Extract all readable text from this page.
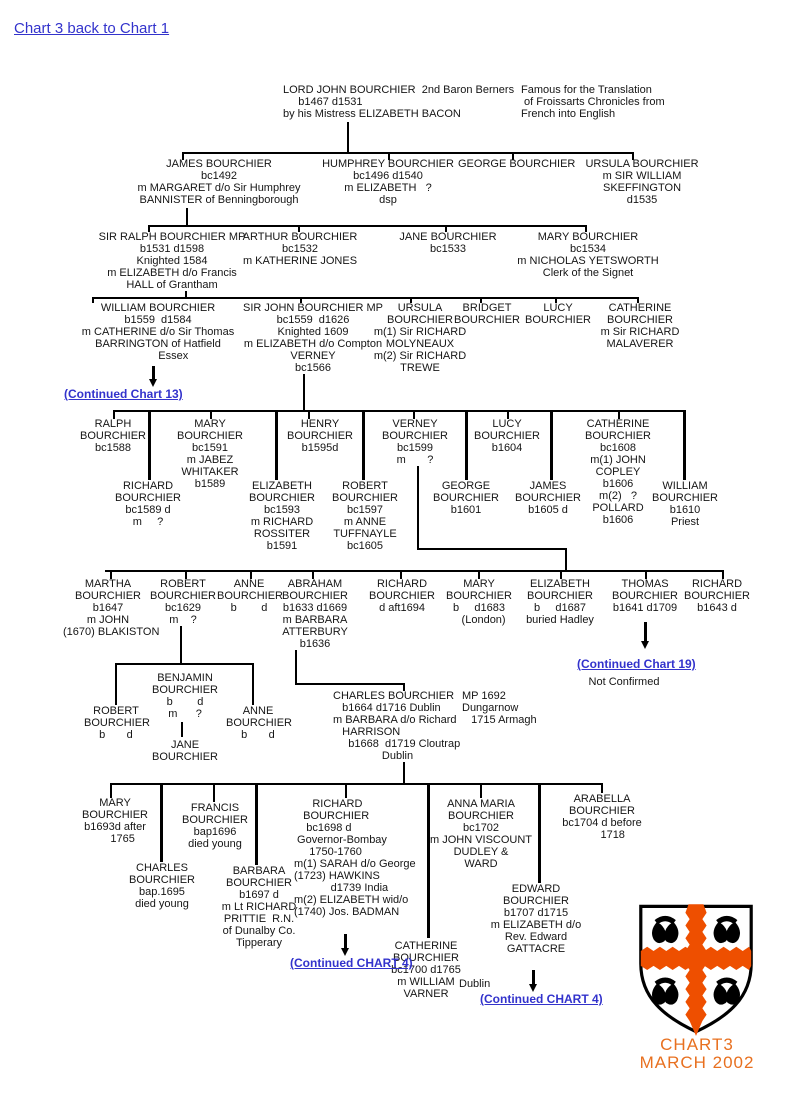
Chart 3 back to Chart 1
LORD JOHN BOURCHIER  2nd Baron Berners
b1467 d1531
by his Mistress ELIZABETH BACON
Famous for the Translation
of Froissarts Chronicles from
French into English
JAMES BOURCHIER
bc1492
m MARGARET d/o Sir Humphrey
BANNISTER of Benningborough
HUMPHREY BOURCHIER
bc1496 d1540
m ELIZABETH   ?
dsp
GEORGE BOURCHIER URSULA BOURCHIER
m SIR WILLIAM
SKEFFINGTON
d1535
SIR RALPH BOURCHIER MP
b1531 d1598
Knighted 1584
m ELIZABETH d/o Francis
HALL of Grantham
ARTHUR BOURCHIER
bc1532
m KATHERINE JONES
JANE BOURCHIER
bc1533
MARY BOURCHIER
bc1534
m NICHOLAS YETSWORTH
Clerk of the Signet
WILLIAM BOURCHIER
b1559  d1584
m CATHERINE d/o Sir Thomas
BARRINGTON of Hatfield
Essex
SIR JOHN BOURCHIER MP
bc1559  d1626
Knighted 1609
m ELIZABETH d/o Compton
VERNEY
bc1566
URSULA
BOURCHIER
m(1) Sir RICHARD
MOLYNEAUX
m(2) Sir RICHARD
TREWE
BRIDGET
BOURCHIER
LUCY
BOURCHIER
CATHERINE
BOURCHIER
m Sir RICHARD
MALAVERER
RALPH
BOURCHIER
bc1588
MARY
BOURCHIER
bc1591
m JABEZ
WHITAKER
b1589
HENRY
BOURCHIER
b1595d
VERNEY
BOURCHIER
bc1599
m       ?
LUCY
BOURCHIER
b1604
CATHERINE
BOURCHIER
bc1608
m(1) JOHN
COPLEY
b1606
m(2)   ?
POLLARD
b1606
RICHARD
BOURCHIER
bc1589 d
m     ?
ELIZABETH
BOURCHIER
bc1593
m RICHARD
ROSSITER
b1591
ROBERT
BOURCHIER
bc1597
m ANNE
TUFFNAYLE
bc1605
GEORGE
BOURCHIER
b1601
JAMES
BOURCHIER
b1605 d
WILLIAM
BOURCHIER
b1610
Priest
MARTHA
BOURCHIER
b1647
m JOHN
(1670) BLAKISTON
ROBERT
BOURCHIER
bc1629
m    ?
ANNE
BOURCHIER
b        d
ABRAHAM
BOURCHIER
b1633 d1669
m BARBARA
ATTERBURY
b1636
RICHARD
BOURCHIER
d aft1694
MARY
BOURCHIER
b     d1683
(London)
ELIZABETH
BOURCHIER
b     d1687
buried Hadley
THOMAS
BOURCHIER
b1641 d1709
RICHARD
BOURCHIER
b1643 d
Not Confirmed
BENJAMIN
BOURCHIER
b        d
m      ?
ROBERT
BOURCHIER
b       d
ANNE
BOURCHIER
b       d
JANE
BOURCHIER
CHARLES BOURCHIER
b1664 d1716 Dublin
m BARBARA d/o Richard
HARRISON
b1668  d1719 Cloutrap
Dublin
MP 1692
Dungarnow
1715 Armagh
MARY
BOURCHIER
b1693d after
1765
FRANCIS
BOURCHIER
bap1696
died young
CHARLES
BOURCHIER
bap.1695
died young
BARBARA
BOURCHIER
b1697 d
m Lt RICHARD
PRITTIE  R.N.
of Dunalby Co.
Tipperary
RICHARD
BOURCHIER
bc1698 d
Governor-Bombay
1750-1760
m(1) SARAH d/o George
(1723) HAWKINS
d1739 India
m(2) ELIZABETH wid/o
(1740) Jos. BADMAN
CATHERINE
BOURCHIER
bc1700 d1765
m WILLIAM
VARNER
Dublin
ANNA MARIA
BOURCHIER
bc1702
m JOHN VISCOUNT
DUDLEY &
WARD
EDWARD
BOURCHIER
b1707 d1715
m ELIZABETH d/o
Rev. Edward
GATTACRE
ARABELLA
BOURCHIER
bc1704 d before
1718
(Continued Chart 13)
(Continued Chart 19)
(Continued CHART 4)
(Continued CHART 4)
CHART3
MARCH 2002
